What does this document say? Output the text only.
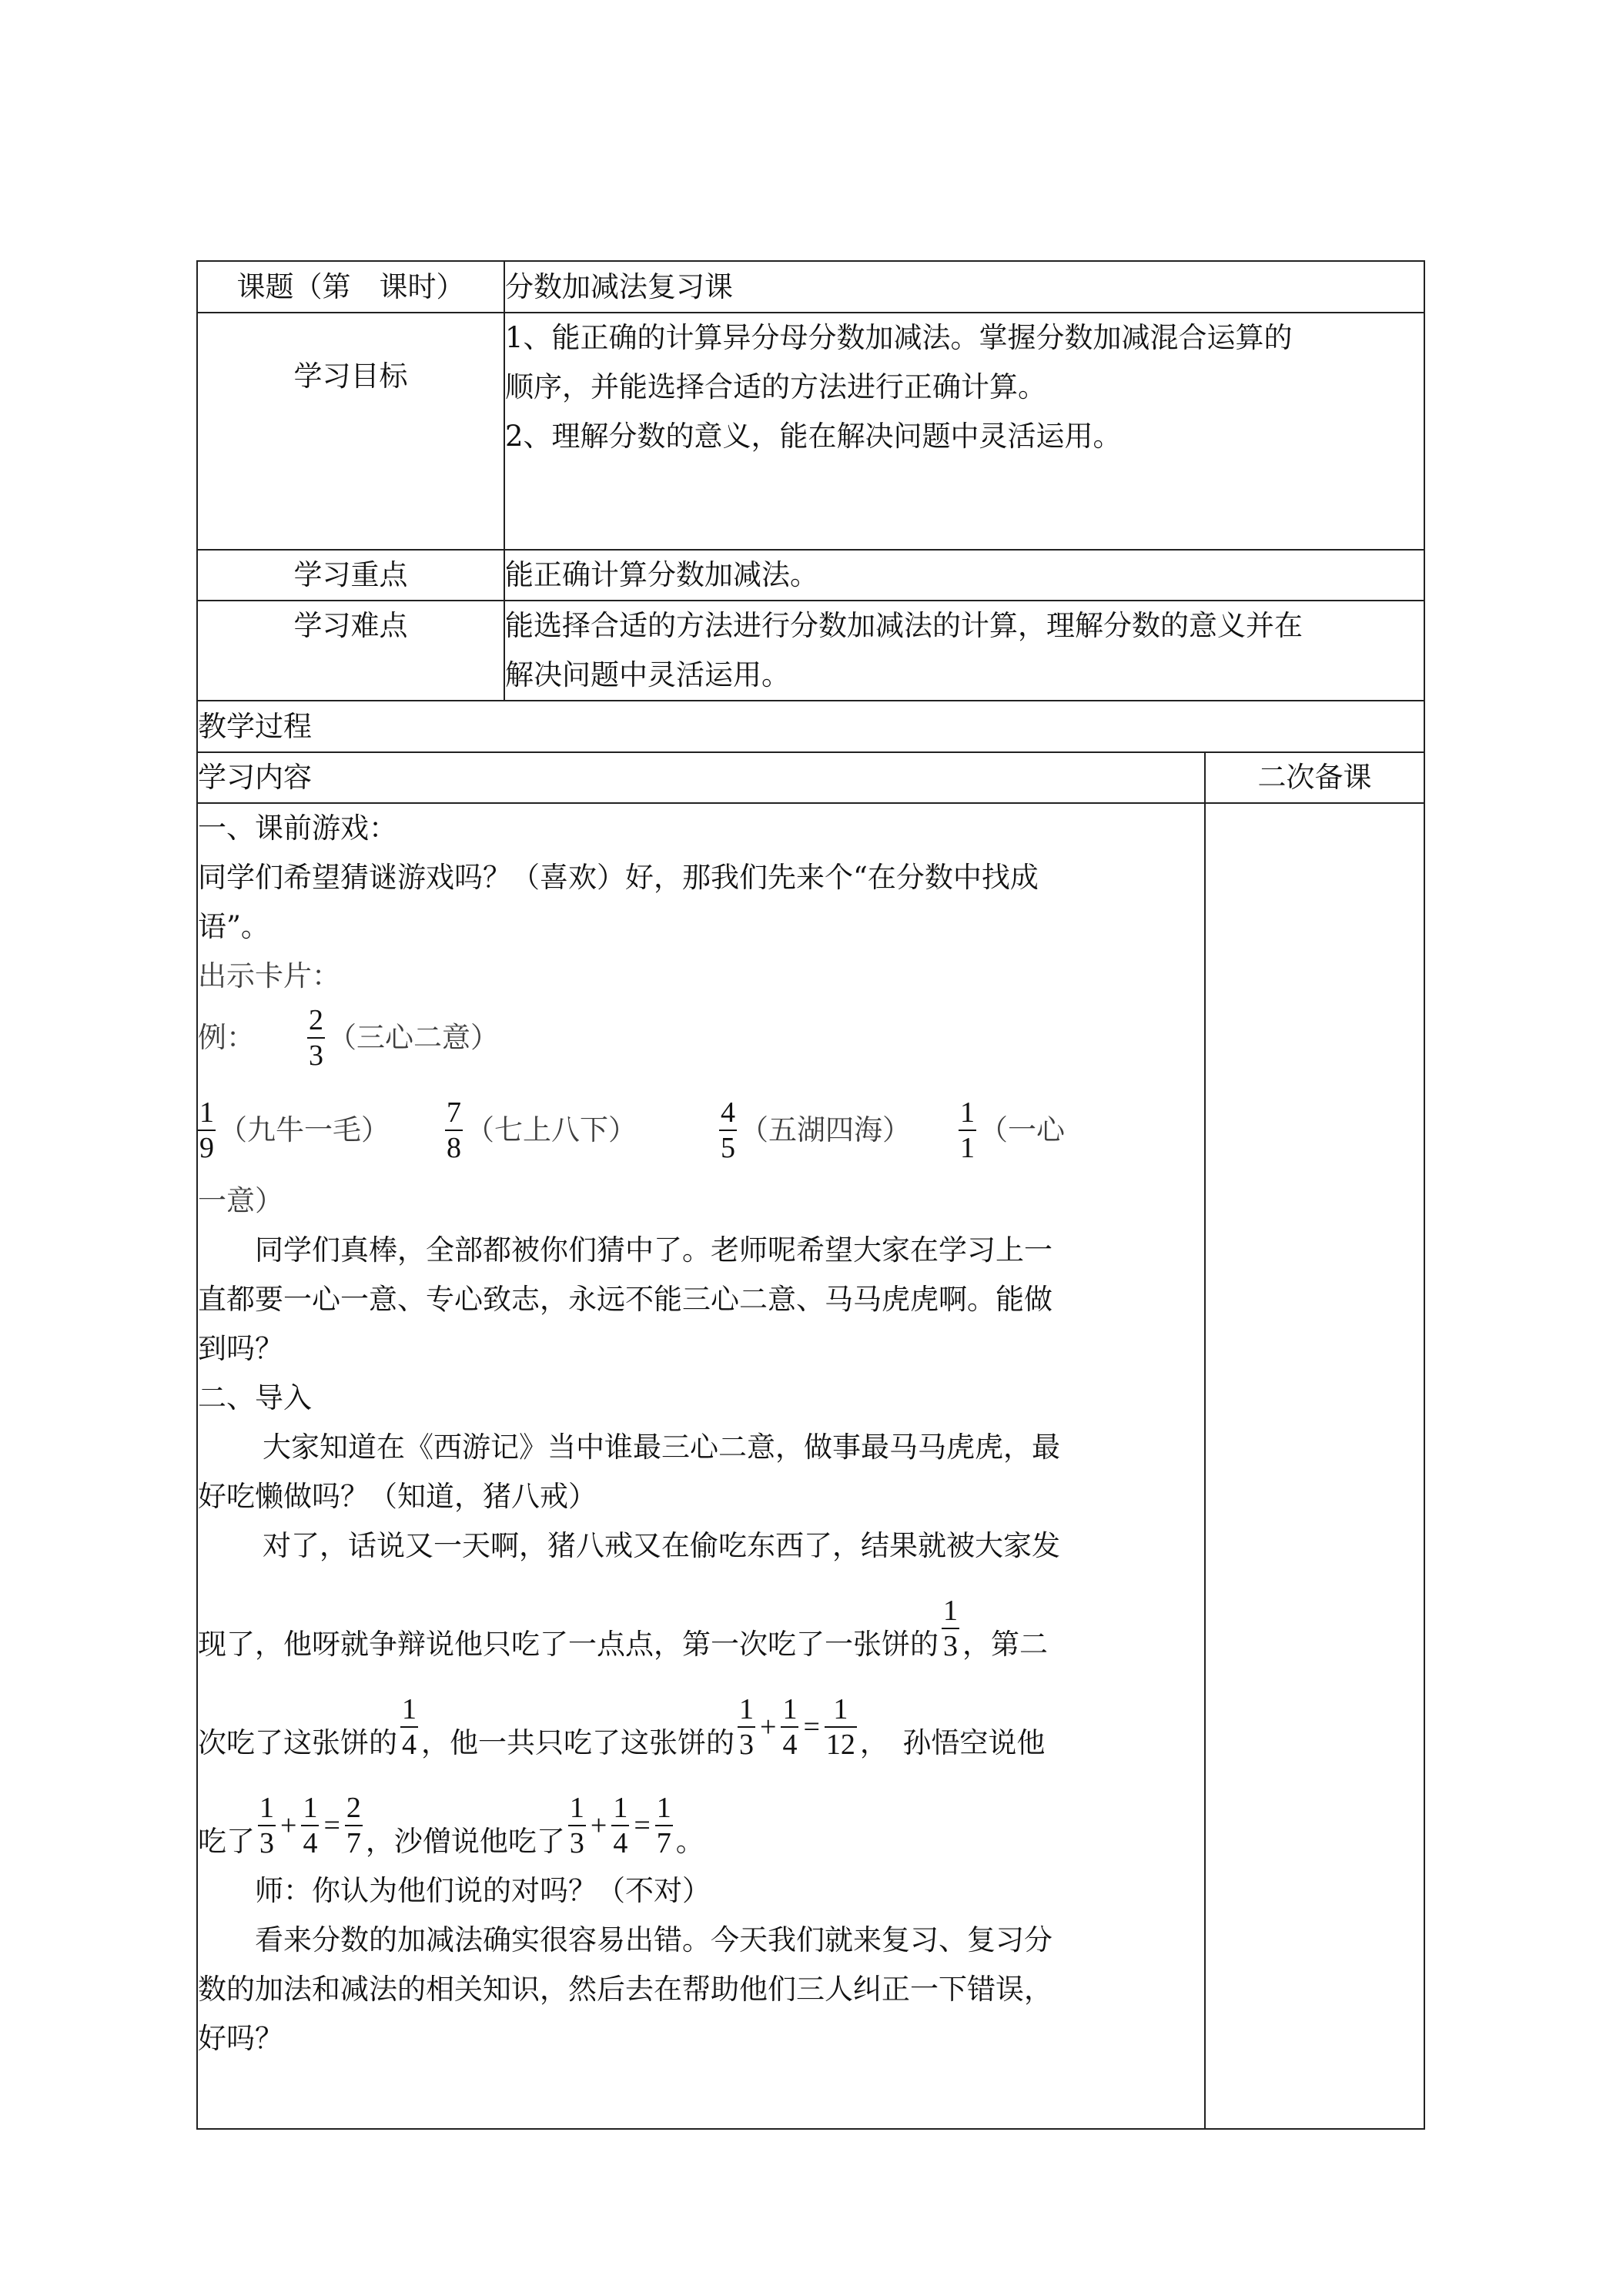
课题（第　课时）	分数加减法复习课	
学习目标	1、能正确的计算异分母分数加减法。掌握分数加减混合运算的
顺序，并能选择合适的方法进行正确计算。
2、理解分数的意义，能在解决问题中灵活运用。	

学习重点	能正确计算分数加减法。	
学习难点	能选择合适的方法进行分数加减法的计算，理解分数的意义并在
解决问题中灵活运用。	

教学过程		
学习内容		二次备课

一、课前游戏：
同学们希望猜谜游戏吗？（喜欢）好，那我们先来个“在分数中找成
语”。
出示卡片：
例： $\frac{2}{3}$ （三心二意）
$\frac{1}{9}$ （九牛一毛）	$\frac{7}{8}$ （七上八下）	$\frac{4}{5}$ （五湖四海）	$\frac{1}{1}$ （一心
一意）
同学们真棒，全部都被你们猜中了。老师呢希望大家在学习上一
直都要一心一意、专心致志，永远不能三心二意、马马虎虎啊。能做
到吗？
二、导入
大家知道在《西游记》当中谁最三心二意，做事最马马虎虎，最
好吃懒做吗？（知道，猪八戒）
对了，话说又一天啊，猪八戒又在偷吃东西了，结果就被大家发
现了，他呀就争辩说他只吃了一点点，第一次吃了一张饼的 $\frac{1}{3}$ ，第二
次吃了这张饼的 $\frac{1}{4}$ ，他一共只吃了这张饼的 $\frac{1}{3} + \frac{1}{4} = \frac{1}{12}$ ，　孙悟空说他
吃了 $\frac{1}{3} + \frac{1}{4} = \frac{2}{7}$ ，沙僧说他吃了 $\frac{1}{3} + \frac{1}{4} = \frac{1}{7}$ 。
师：你认为他们说的对吗？（不对）
看来分数的加减法确实很容易出错。今天我们就来复习、复习分
数的加法和减法的相关知识，然后去在帮助他们三人纠正一下错误，
好吗？
